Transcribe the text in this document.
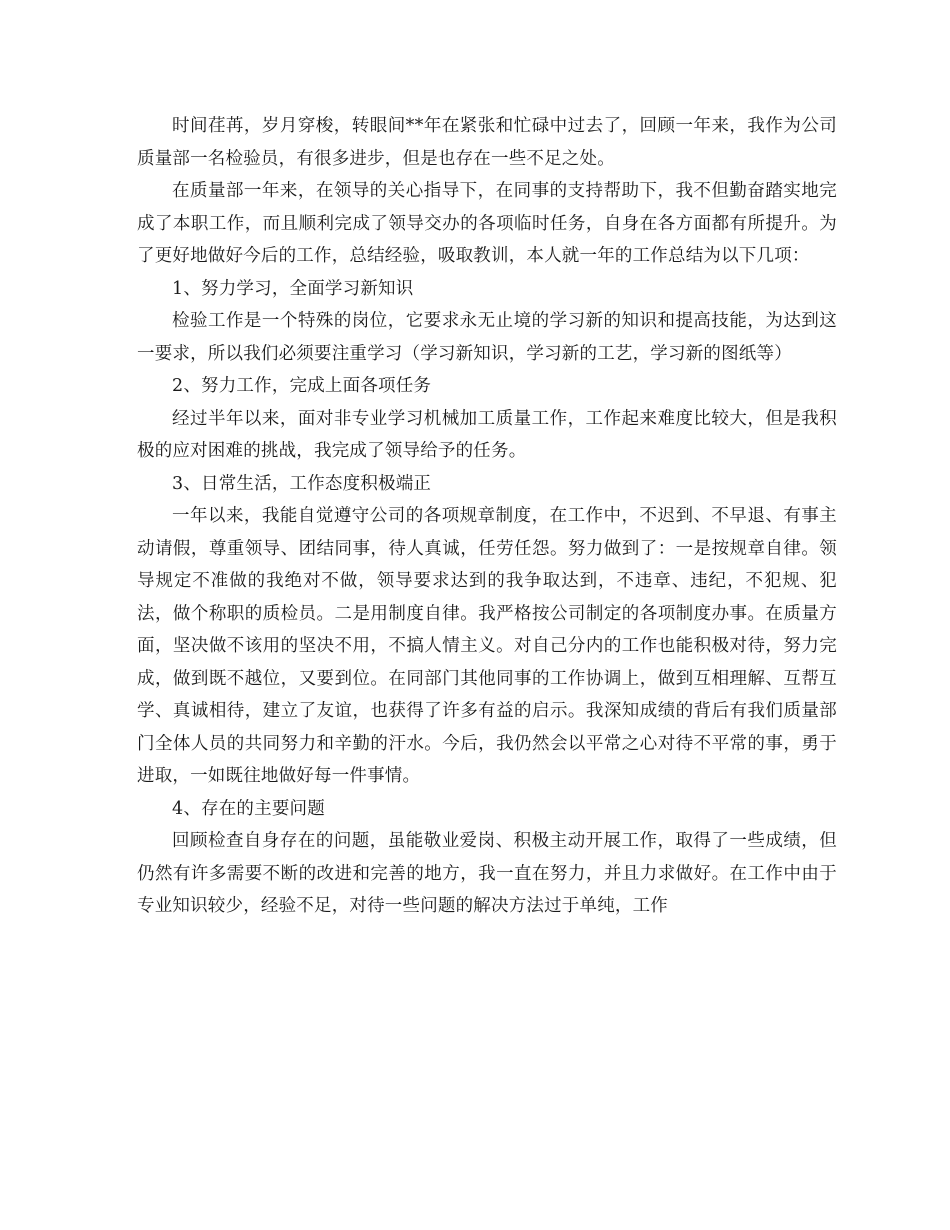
时间荏苒，岁月穿梭，转眼间**年在紧张和忙碌中过去了，回顾一年来，我作为公司质量部一名检验员，有很多进步，但是也存在一些不足之处。

在质量部一年来，在领导的关心指导下，在同事的支持帮助下，我不但勤奋踏实地完成了本职工作，而且顺利完成了领导交办的各项临时任务，自身在各方面都有所提升。为了更好地做好今后的工作，总结经验，吸取教训，本人就一年的工作总结为以下几项：

1、努力学习，全面学习新知识

检验工作是一个特殊的岗位，它要求永无止境的学习新的知识和提高技能，为达到这一要求，所以我们必须要注重学习（学习新知识，学习新的工艺，学习新的图纸等）

2、努力工作，完成上面各项任务

经过半年以来，面对非专业学习机械加工质量工作，工作起来难度比较大，但是我积极的应对困难的挑战，我完成了领导给予的任务。

3、日常生活，工作态度积极端正

一年以来，我能自觉遵守公司的各项规章制度，在工作中，不迟到、不早退、有事主动请假，尊重领导、团结同事，待人真诚，任劳任怨。努力做到了：一是按规章自律。领导规定不准做的我绝对不做，领导要求达到的我争取达到，不违章、违纪，不犯规、犯法，做个称职的质检员。二是用制度自律。我严格按公司制定的各项制度办事。在质量方面，坚决做不该用的坚决不用，不搞人情主义。对自己分内的工作也能积极对待，努力完成，做到既不越位，又要到位。在同部门其他同事的工作协调上，做到互相理解、互帮互学、真诚相待，建立了友谊，也获得了许多有益的启示。我深知成绩的背后有我们质量部门全体人员的共同努力和辛勤的汗水。今后，我仍然会以平常之心对待不平常的事，勇于进取，一如既往地做好每一件事情。

4、存在的主要问题

回顾检查自身存在的问题，虽能敬业爱岗、积极主动开展工作，取得了一些成绩，但仍然有许多需要不断的改进和完善的地方，我一直在努力，并且力求做好。在工作中由于专业知识较少，经验不足，对待一些问题的解决方法过于单纯，工作
